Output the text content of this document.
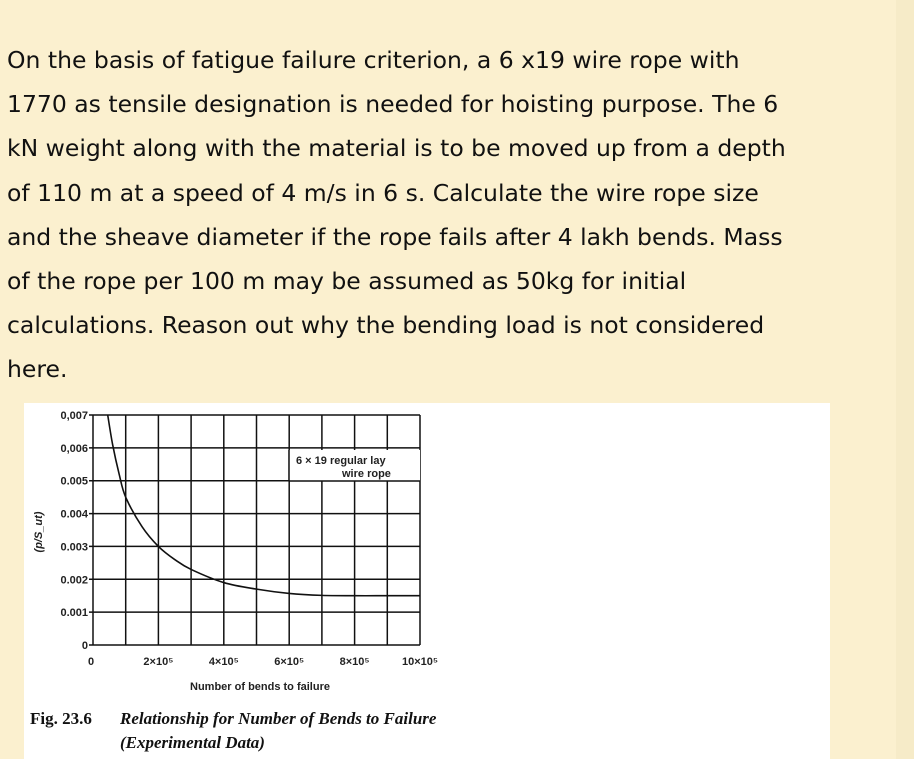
On the basis of fatigue failure criterion, a 6 x19 wire rope with
1770 as tensile designation is needed for hoisting purpose. The 6
kN weight along with the material is to be moved up from a depth
of 110 m at a speed of 4 m/s in 6 s. Calculate the wire rope size
and the sheave diameter if the rope fails after 4 lakh bends. Mass
of the rope per 100 m may be assumed as 50kg for initial
calculations. Reason out why the bending load is not considered
here.
0
0.001
0.002
0.003
0.004
0.005
0,006
0,007
0	2×10⁵	4×10⁵	6×10⁵	8×10⁵	10×10⁵
6 × 19 regular lay
wire rope
(p/S_ut)
Number of bends to failure
Fig. 23.6 Relationship for Number of Bends to Failure
(Experimental Data)
